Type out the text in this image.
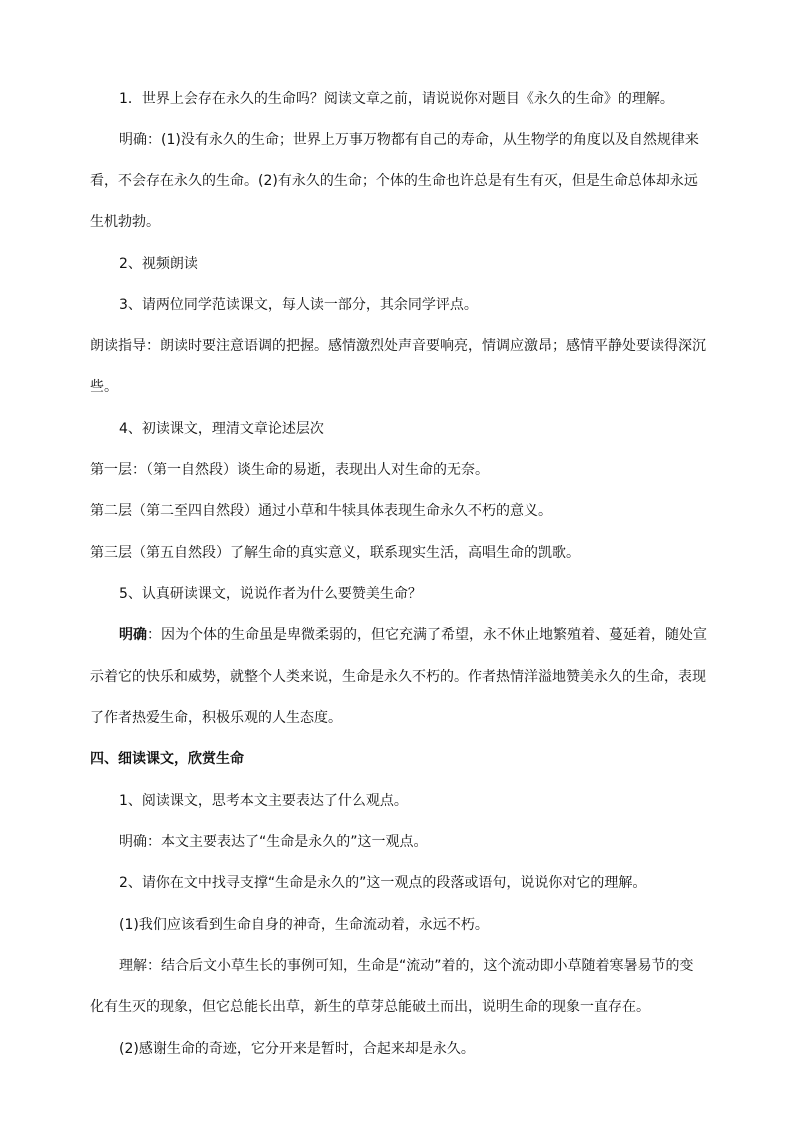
1．世界上会存在永久的生命吗？阅读文章之前，请说说你对题目《永久的生命》的理解。
明确：(1)没有永久的生命；世界上万事万物都有自己的寿命，从生物学的角度以及自然规律来
看，不会存在永久的生命。(2)有永久的生命；个体的生命也许总是有生有灭，但是生命总体却永远
生机勃勃。
2、视频朗读
3、请两位同学范读课文，每人读一部分，其余同学评点。
朗读指导：朗读时要注意语调的把握。感情激烈处声音要响亮，情调应激昂；感情平静处要读得深沉
些。
4、初读课文，理清文章论述层次
第一层：（第一自然段）谈生命的易逝，表现出人对生命的无奈。
第二层（第二至四自然段）通过小草和牛犊具体表现生命永久不朽的意义。
第三层（第五自然段）了解生命的真实意义，联系现实生活，高唱生命的凯歌。
5、认真研读课文，说说作者为什么要赞美生命？
明确：因为个体的生命虽是卑微柔弱的，但它充满了希望，永不休止地繁殖着、蔓延着，随处宣
示着它的快乐和威势，就整个人类来说，生命是永久不朽的。作者热情洋溢地赞美永久的生命，表现
了作者热爱生命，积极乐观的人生态度。
四、细读课文，欣赏生命
1、阅读课文，思考本文主要表达了什么观点。
明确：本文主要表达了“生命是永久的”这一观点。
2、请你在文中找寻支撑“生命是永久的”这一观点的段落或语句，说说你对它的理解。
(1)我们应该看到生命自身的神奇，生命流动着，永远不朽。
理解：结合后文小草生长的事例可知，生命是“流动”着的，这个流动即小草随着寒暑易节的变
化有生灭的现象，但它总能长出草，新生的草芽总能破土而出，说明生命的现象一直存在。
(2)感谢生命的奇迹，它分开来是暂时，合起来却是永久。
